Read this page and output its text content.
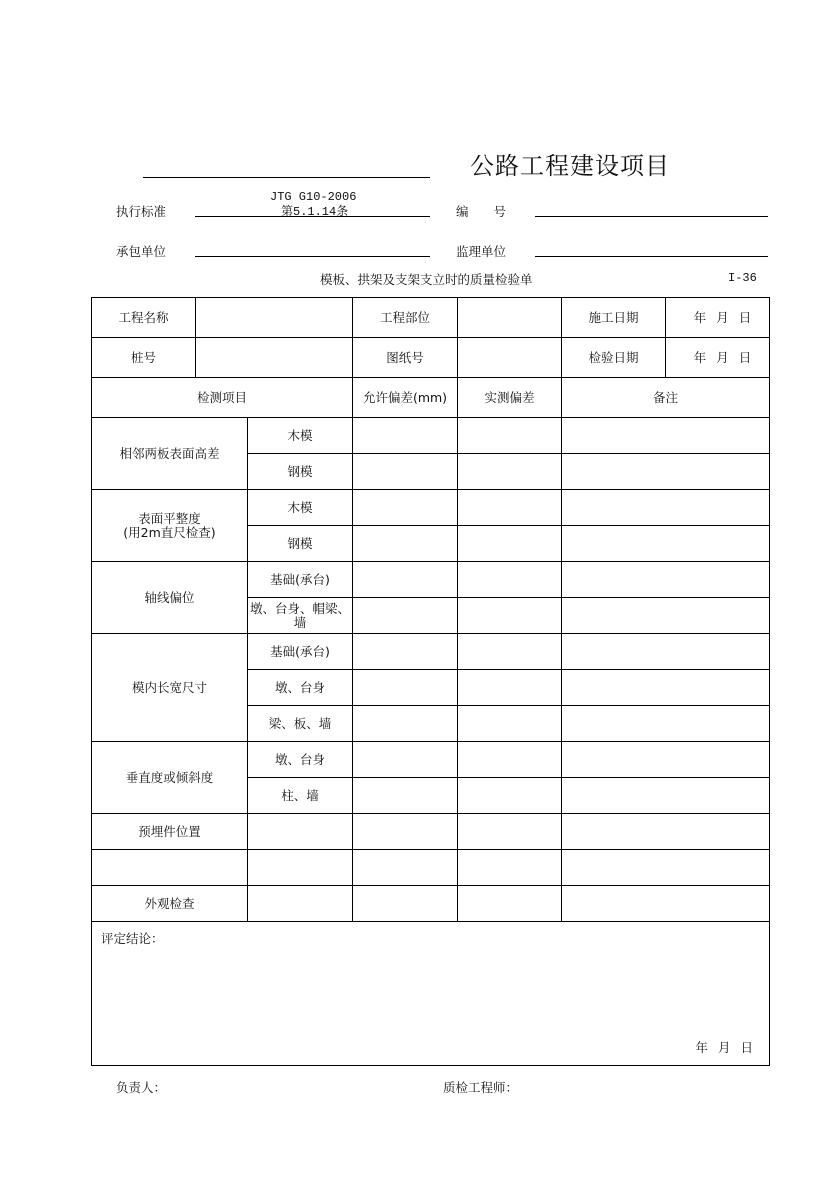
公路工程建设项目
执行标准
JTG G10-2006
第5.1.14条	编　　号
承包单位	监理单位
模板、拱架及支架支立时的质量检验单	I-36
工程名称			工程部位		施工日期	年 月 日
桩号			图纸号		检验日期	年 月 日
检测项目			允许偏差(mm)	实测偏差	备注	
相邻两板表面高差		木模				
		钢模				
表面平整度
(用2m直尺检查)		木模				
		钢模				
轴线偏位		基础(承台)				
		墩、台身、帽梁、墙				
模内长宽尺寸		基础(承台)				
		墩、台身				
		梁、板、墙				
垂直度或倾斜度		墩、台身				
		柱、墙				
预埋件位置						

外观检查						

评定结论：
年 月 日						
负责人：	质检工程师：
